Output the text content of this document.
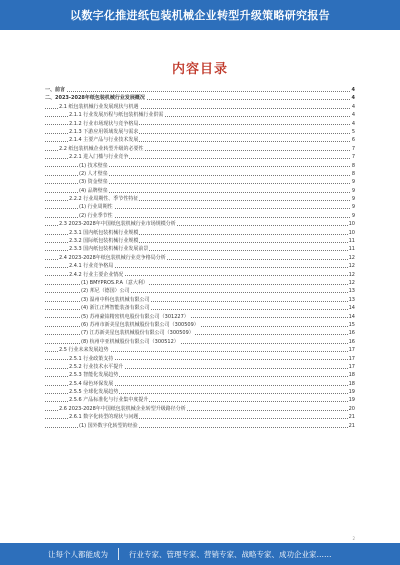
以数字化推进纸包装机械企业转型升级策略研究报告
内容目录
一、前言	4
二、2023-2028年纸包装机械行业发展概况	4
2.1 纸包装机械行业发展现状与机遇	4
2.1.1 行业发展历程与纸包装机械行业供需	4
2.1.2 行业市场现状与竞争格局	4
2.1.3 下游应用领域发展与需求	5
2.1.4 主要产品与行业技术发展	6
2.2 纸包装机械企业转型升级的必要性	7
2.2.1 进入门槛与行业竞争	7
(1) 技术壁垒	8
(2) 人才壁垒	8
(3) 资金壁垒	9
(4) 品牌壁垒	9
2.2.2 行业周期性、季节性特征	9
(1) 行业周期性	9
(2) 行业季节性	9
2.3 2023-2028年中国纸包装机械行业市场规模分析	10
2.3.1 国内纸包装机械行业规模	10
2.3.2 国际纸包装机械行业规模	11
2.3.3 国内纸包装机械行业发展前景	11
2.4 2023-2028年纸包装机械行业竞争格局分析	12
2.4.1 行业竞争格局	12
2.4.2 行业主要企业情况	12
(1) BMYPROS.P.A（意大利）	12
(2) 邦尼（德国）公司	13
(3) 温州中科包装机械有限公司	13
(4) 浙江正博智能装备有限公司	14
(5) 苏州豪铂精密机电股份有限公司（301227）	14
(6) 苏州市新美星包装机械股份有限公司（300509）	15
(7) 江苏新美星包装机械股份有限公司（300509）	16
(8) 杭州中亚机械股份有限公司（300512）	16
2.5 行业未来发展趋势	17
2.5.1 行业政策支持	17
2.5.2 行业技术水平提升	17
2.5.3 智能化发展趋势	18
2.5.4 绿色环保发展	18
2.5.5 全球化发展趋势	19
2.5.6 产品标准化与行业集中度提升	19
2.6 2023-2028年中国纸包装机械企业转型升级路径分析	20
2.6.1 数字化转型的现状与问题	21
(1) 国外数字化转型的经验	21
2
让每个人都能成为	行业专家、管理专家、营销专家、战略专家、成功企业家……
